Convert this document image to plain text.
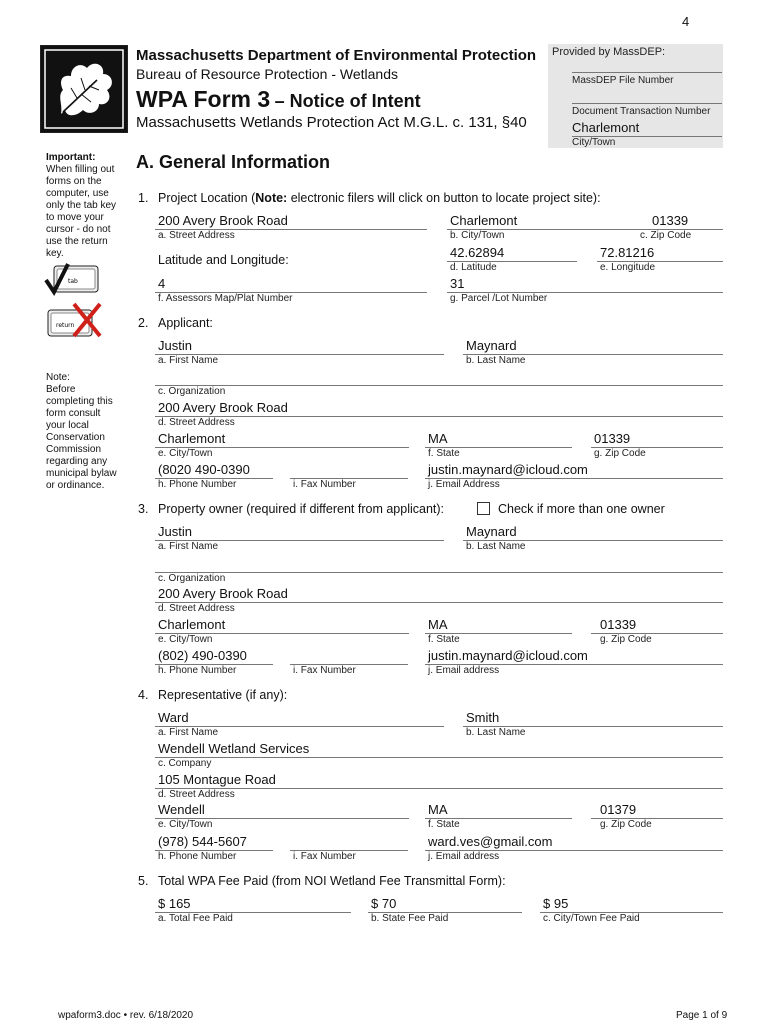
4
Massachusetts Department of Environmental Protection
Bureau of Resource Protection - Wetlands
WPA Form 3 – Notice of Intent
Massachusetts Wetlands Protection Act M.G.L. c. 131, §40
Provided by MassDEP:
MassDEP File Number
Document Transaction Number
Charlemont
City/Town
Important:
When filling out
forms on the
computer, use
only the tab key
to move your
cursor - do not
use the return
key.
tab
return
Note:
Before
completing this
form consult
your local
Conservation
Commission
regarding any
municipal bylaw
or ordinance.
A. General Information
1. Project Location (Note: electronic filers will click on button to locate project site):
200 Avery Brook Road
a. Street Address
Charlemont	01339
b. City/Town	c. Zip Code
Latitude and Longitude:	42.62894
d. Latitude
72.81216
e. Longitude
4
f. Assessors Map/Plat Number
31
g. Parcel /Lot Number
2. Applicant:
Justin
a. First Name
Maynard
b. Last Name
c. Organization
200 Avery Brook Road
d. Street Address
Charlemont
e. City/Town
MA
f. State
01339
g. Zip Code
(8020 490-0390
h. Phone Number	i. Fax Number
justin.maynard@icloud.com
j. Email Address
3. Property owner (required if different from applicant):	Check if more than one owner
Justin
a. First Name
Maynard
b. Last Name
c. Organization
200 Avery Brook Road
d. Street Address
Charlemont
e. City/Town
MA
f. State
01339
g. Zip Code
(802) 490-0390
h. Phone Number	i. Fax Number
justin.maynard@icloud.com
j. Email address
4. Representative (if any):
Ward
a. First Name
Smith
b. Last Name
Wendell Wetland Services
c. Company
105 Montague Road
d. Street Address
Wendell
e. City/Town
MA
f. State
01379
g. Zip Code
(978) 544-5607
h. Phone Number	i. Fax Number
ward.ves@gmail.com
j. Email address
5. Total WPA Fee Paid (from NOI Wetland Fee Transmittal Form):
$ 165
a. Total Fee Paid
$ 70
b. State Fee Paid
$ 95
c. City/Town Fee Paid
wpaform3.doc • rev. 6/18/2020	Page 1 of 9
